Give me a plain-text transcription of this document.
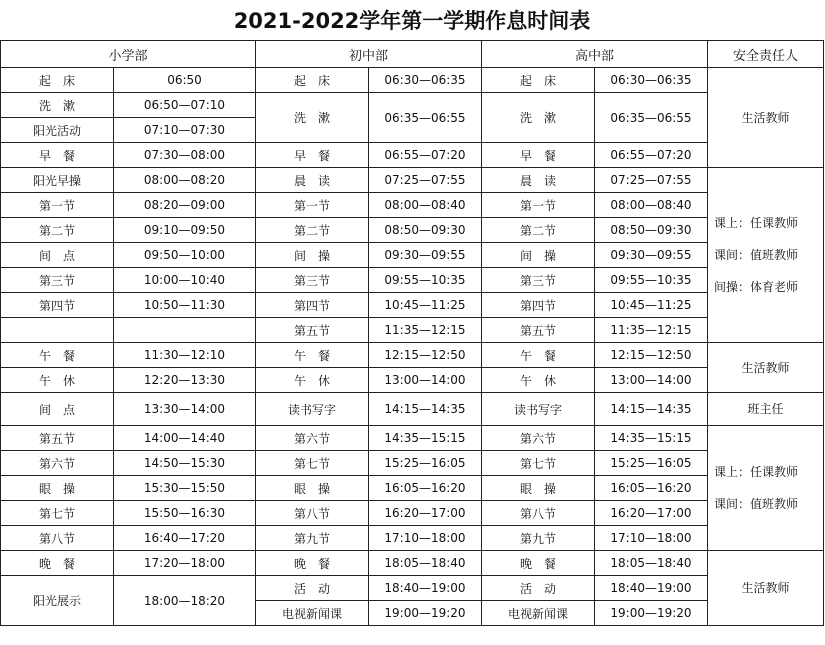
2021-2022学年第一学期作息时间表						
小学部		初中部		高中部		安全责任人
起　床	06:50	起　床	06:30—06:35	起　床	06:30—06:35	生活教师
洗　漱	06:50—07:10	洗　漱	06:35—06:55	洗　漱	06:35—06:55	
阳光活动	07:10—07:30					
早　餐	07:30—08:00	早　餐	06:55—07:20	早　餐	06:55—07:20	
阳光早操	08:00—08:20	晨　读	07:25—07:55	晨　读	07:25—07:55	课上：任课教师
课间：值班教师
间操：体育老师

第一节	08:20—09:00	第一节	08:00—08:40	第一节	08:00—08:40	
第二节	09:10—09:50	第二节	08:50—09:30	第二节	08:50—09:30	
间　点	09:50—10:00	间　操	09:30—09:55	间　操	09:30—09:55	
第三节	10:00—10:40	第三节	09:55—10:35	第三节	09:55—10:35	
第四节	10:50—11:30	第四节	10:45—11:25	第四节	10:45—11:25	
		第五节	11:35—12:15	第五节	11:35—12:15	
午　餐	11:30—12:10	午　餐	12:15—12:50	午　餐	12:15—12:50	生活教师
午　休	12:20—13:30	午　休	13:00—14:00	午　休	13:00—14:00	
间　点	13:30—14:00	读书写字	14:15—14:35	读书写字	14:15—14:35	班主任
第五节	14:00—14:40	第六节	14:35—15:15	第六节	14:35—15:15	课上：任课教师
课间：值班教师

第六节	14:50—15:30	第七节	15:25—16:05	第七节	15:25—16:05	
眼　操	15:30—15:50	眼　操	16:05—16:20	眼　操	16:05—16:20	
第七节	15:50—16:30	第八节	16:20—17:00	第八节	16:20—17:00	
第八节	16:40—17:20	第九节	17:10—18:00	第九节	17:10—18:00	
晚　餐	17:20—18:00	晚　餐	18:05—18:40	晚　餐	18:05—18:40	生活教师
阳光展示	18:00—18:20	活　动	18:40—19:00	活　动	18:40—19:00	
		电视新闻课	19:00—19:20	电视新闻课	19:00—19:20	
